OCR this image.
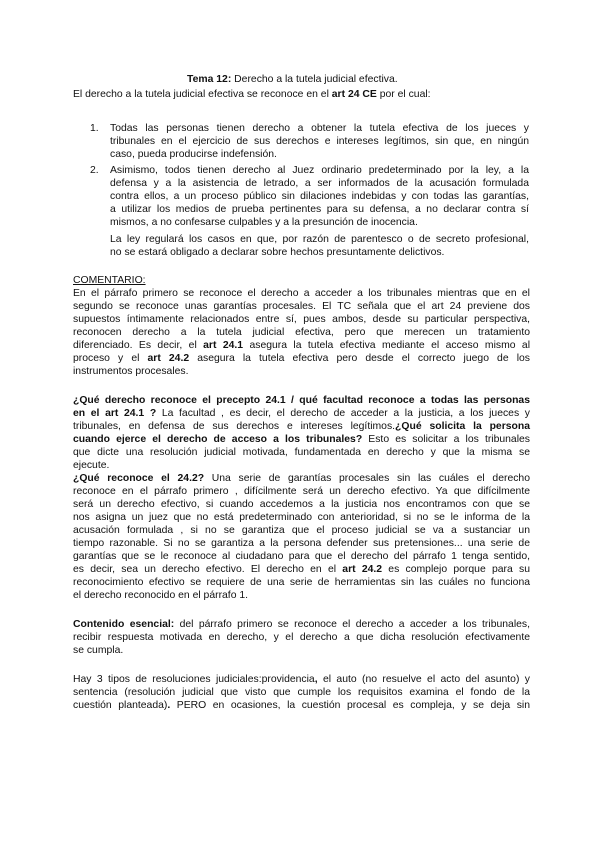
Tema 12: Derecho a la tutela judicial efectiva.
El derecho a la tutela judicial efectiva se reconoce en el art 24 CE por el cual:
1. Todas las personas tienen derecho a obtener la tutela efectiva de los jueces y
tribunales en el ejercicio de sus derechos e intereses legítimos, sin que, en ningún
caso, pueda producirse indefensión.
2. Asimismo, todos tienen derecho al Juez ordinario predeterminado por la ley, a la
defensa y a la asistencia de letrado, a ser informados de la acusación formulada
contra ellos, a un proceso público sin dilaciones indebidas y con todas las garantías,
a utilizar los medios de prueba pertinentes para su defensa, a no declarar contra sí
mismos, a no confesarse culpables y a la presunción de inocencia.
La ley regulará los casos en que, por razón de parentesco o de secreto profesional,
no se estará obligado a declarar sobre hechos presuntamente delictivos.
COMENTARIO:
En el párrafo primero se reconoce el derecho a acceder a los tribunales mientras que en el
segundo se reconoce unas garantías procesales. El TC señala que el art 24 previene dos
supuestos íntimamente relacionados entre sí, pues ambos, desde su particular perspectiva,
reconocen derecho a la tutela judicial efectiva, pero que merecen un tratamiento
diferenciado. Es decir, el art 24.1 asegura la tutela efectiva mediante el acceso mismo al
proceso y el art 24.2 asegura la tutela efectiva pero desde el correcto juego de los
instrumentos procesales.
¿Qué derecho reconoce el precepto 24.1 / qué facultad reconoce a todas las personas
en el art 24.1 ? La facultad , es decir, el derecho de acceder a la justicia, a los jueces y
tribunales, en defensa de sus derechos e intereses legítimos.¿Qué solicita la persona
cuando ejerce el derecho de acceso a los tribunales? Esto es solicitar a los tribunales
que dicte una resolución judicial motivada, fundamentada en derecho y que la misma se
ejecute.
¿Qué reconoce el 24.2? Una serie de garantías procesales sin las cuáles el derecho
reconoce en el párrafo primero , difícilmente será un derecho efectivo. Ya que difícilmente
será un derecho efectivo, si cuando accedemos a la justicia nos encontramos con que se
nos asigna un juez que no está predeterminado con anterioridad, si no se le informa de la
acusación formulada , si no se garantiza que el proceso judicial se va a sustanciar un
tiempo razonable. Si no se garantiza a la persona defender sus pretensiones... una serie de
garantías que se le reconoce al ciudadano para que el derecho del párrafo 1 tenga sentido,
es decir, sea un derecho efectivo. El derecho en el art 24.2 es complejo porque para su
reconocimiento efectivo se requiere de una serie de herramientas sin las cuáles no funciona
el derecho reconocido en el párrafo 1.
Contenido esencial: del párrafo primero se reconoce el derecho a acceder a los tribunales,
recibir respuesta motivada en derecho, y el derecho a que dicha resolución efectivamente
se cumpla.
Hay 3 tipos de resoluciones judiciales:providencia, el auto (no resuelve el acto del asunto) y
sentencia (resolución judicial que visto que cumple los requisitos examina el fondo de la
cuestión planteada). PERO en ocasiones, la cuestión procesal es compleja, y se deja sin
